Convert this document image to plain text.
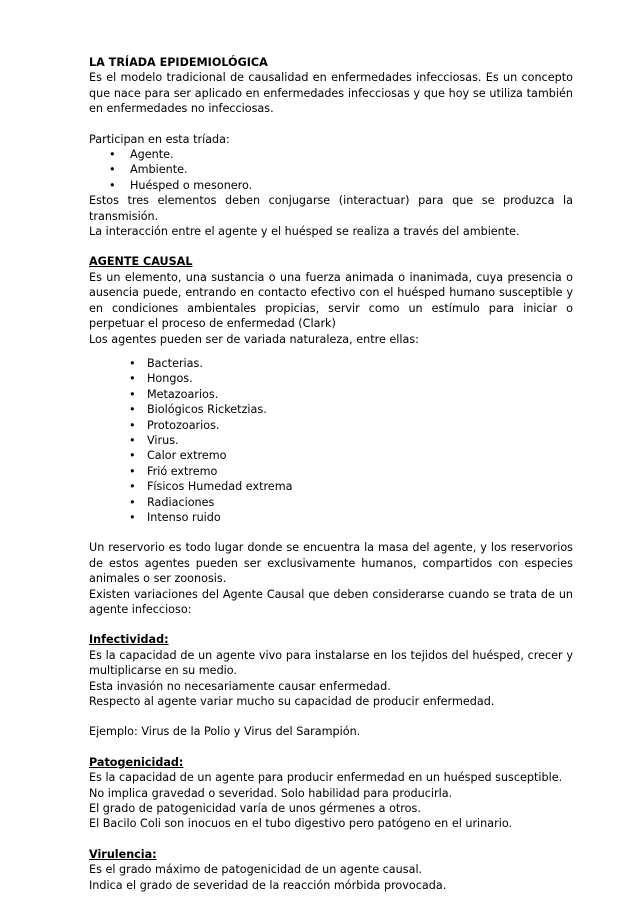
LA TRÍADA EPIDEMIOLÓGICA

Es el modelo tradicional de causalidad en enfermedades infecciosas. Es un concepto que nace para ser aplicado en enfermedades infecciosas y que hoy se utiliza también en enfermedades no infecciosas.

Participan en esta tríada:

• Agente.
• Ambiente.
• Huésped o mesonero.

Estos tres elementos deben conjugarse (interactuar) para que se produzca la transmisión.

La interacción entre el agente y el huésped se realiza a través del ambiente.

AGENTE CAUSAL

Es un elemento, una sustancia o una fuerza animada o inanimada, cuya presencia o ausencia puede, entrando en contacto efectivo con el huésped humano susceptible y en condiciones ambientales propicias, servir como un estímulo para iniciar o perpetuar el proceso de enfermedad (Clark)

Los agentes pueden ser de variada naturaleza, entre ellas:

• Bacterias.
• Hongos.
• Metazoarios.
• Biológicos Ricketzias.
• Protozoarios.
• Virus.
• Calor extremo
• Frió extremo
• Físicos Humedad extrema
• Radiaciones
• Intenso ruido

Un reservorio es todo lugar donde se encuentra la masa del agente, y los reservorios de estos agentes pueden ser exclusivamente humanos, compartidos con especies animales o ser zoonosis.

Existen variaciones del Agente Causal que deben considerarse cuando se trata de un agente infeccioso:

Infectividad:

Es la capacidad de un agente vivo para instalarse en los tejidos del huésped, crecer y multiplicarse en su medio.

Esta invasión no necesariamente causar enfermedad.

Respecto al agente variar mucho su capacidad de producir enfermedad.

Ejemplo: Virus de la Polio y Virus del Sarampión.

Patogenicidad:

Es la capacidad de un agente para producir enfermedad en un huésped susceptible.

No implica gravedad o severidad. Solo habilidad para producirla.

El grado de patogenicidad varía de unos gérmenes a otros.

El Bacilo Coli son inocuos en el tubo digestivo pero patógeno en el urinario.

Virulencia:

Es el grado máximo de patogenicidad de un agente causal.

Indica el grado de severidad de la reacción mórbida provocada.
